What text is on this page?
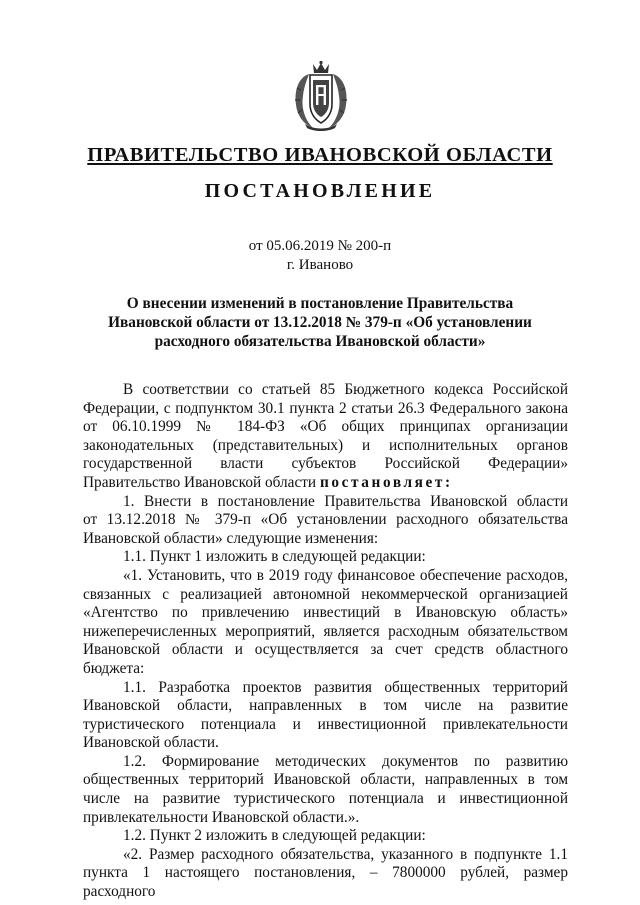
ПРАВИТЕЛЬСТВО ИВАНОВСКОЙ ОБЛАСТИ
ПОСТАНОВЛЕНИЕ
от 05.06.2019 № 200-п
г. Иваново
О внесении изменений в постановление Правительства
Ивановской области от 13.12.2018 № 379-п «Об установлении
расходного обязательства Ивановской области»
В соответствии со статьей 85 Бюджетного кодекса Российской
Федерации, с подпунктом 30.1 пункта 2 статьи 26.3 Федерального закона
от 06.10.1999 № 184-ФЗ «Об общих принципах организации
законодательных (представительных) и исполнительных органов
государственной власти субъектов Российской Федерации»
Правительство Ивановской области постановляет:
1. Внести в постановление Правительства Ивановской области
от 13.12.2018 № 379-п «Об установлении расходного обязательства
Ивановской области» следующие изменения:
1.1. Пункт 1 изложить в следующей редакции:
«1. Установить, что в 2019 году финансовое обеспечение расходов,
связанных с реализацией автономной некоммерческой организацией
«Агентство по привлечению инвестиций в Ивановскую область»
нижеперечисленных мероприятий, является расходным обязательством
Ивановской области и осуществляется за счет средств областного
бюджета:
1.1. Разработка проектов развития общественных территорий
Ивановской области, направленных в том числе на развитие
туристического потенциала и инвестиционной привлекательности
Ивановской области.
1.2. Формирование методических документов по развитию
общественных территорий Ивановской области, направленных в том
числе на развитие туристического потенциала и инвестиционной
привлекательности Ивановской области.».
1.2. Пункт 2 изложить в следующей редакции:
«2. Размер расходного обязательства, указанного в подпункте 1.1
пункта 1 настоящего постановления, – 7800000 рублей, размер расходного
